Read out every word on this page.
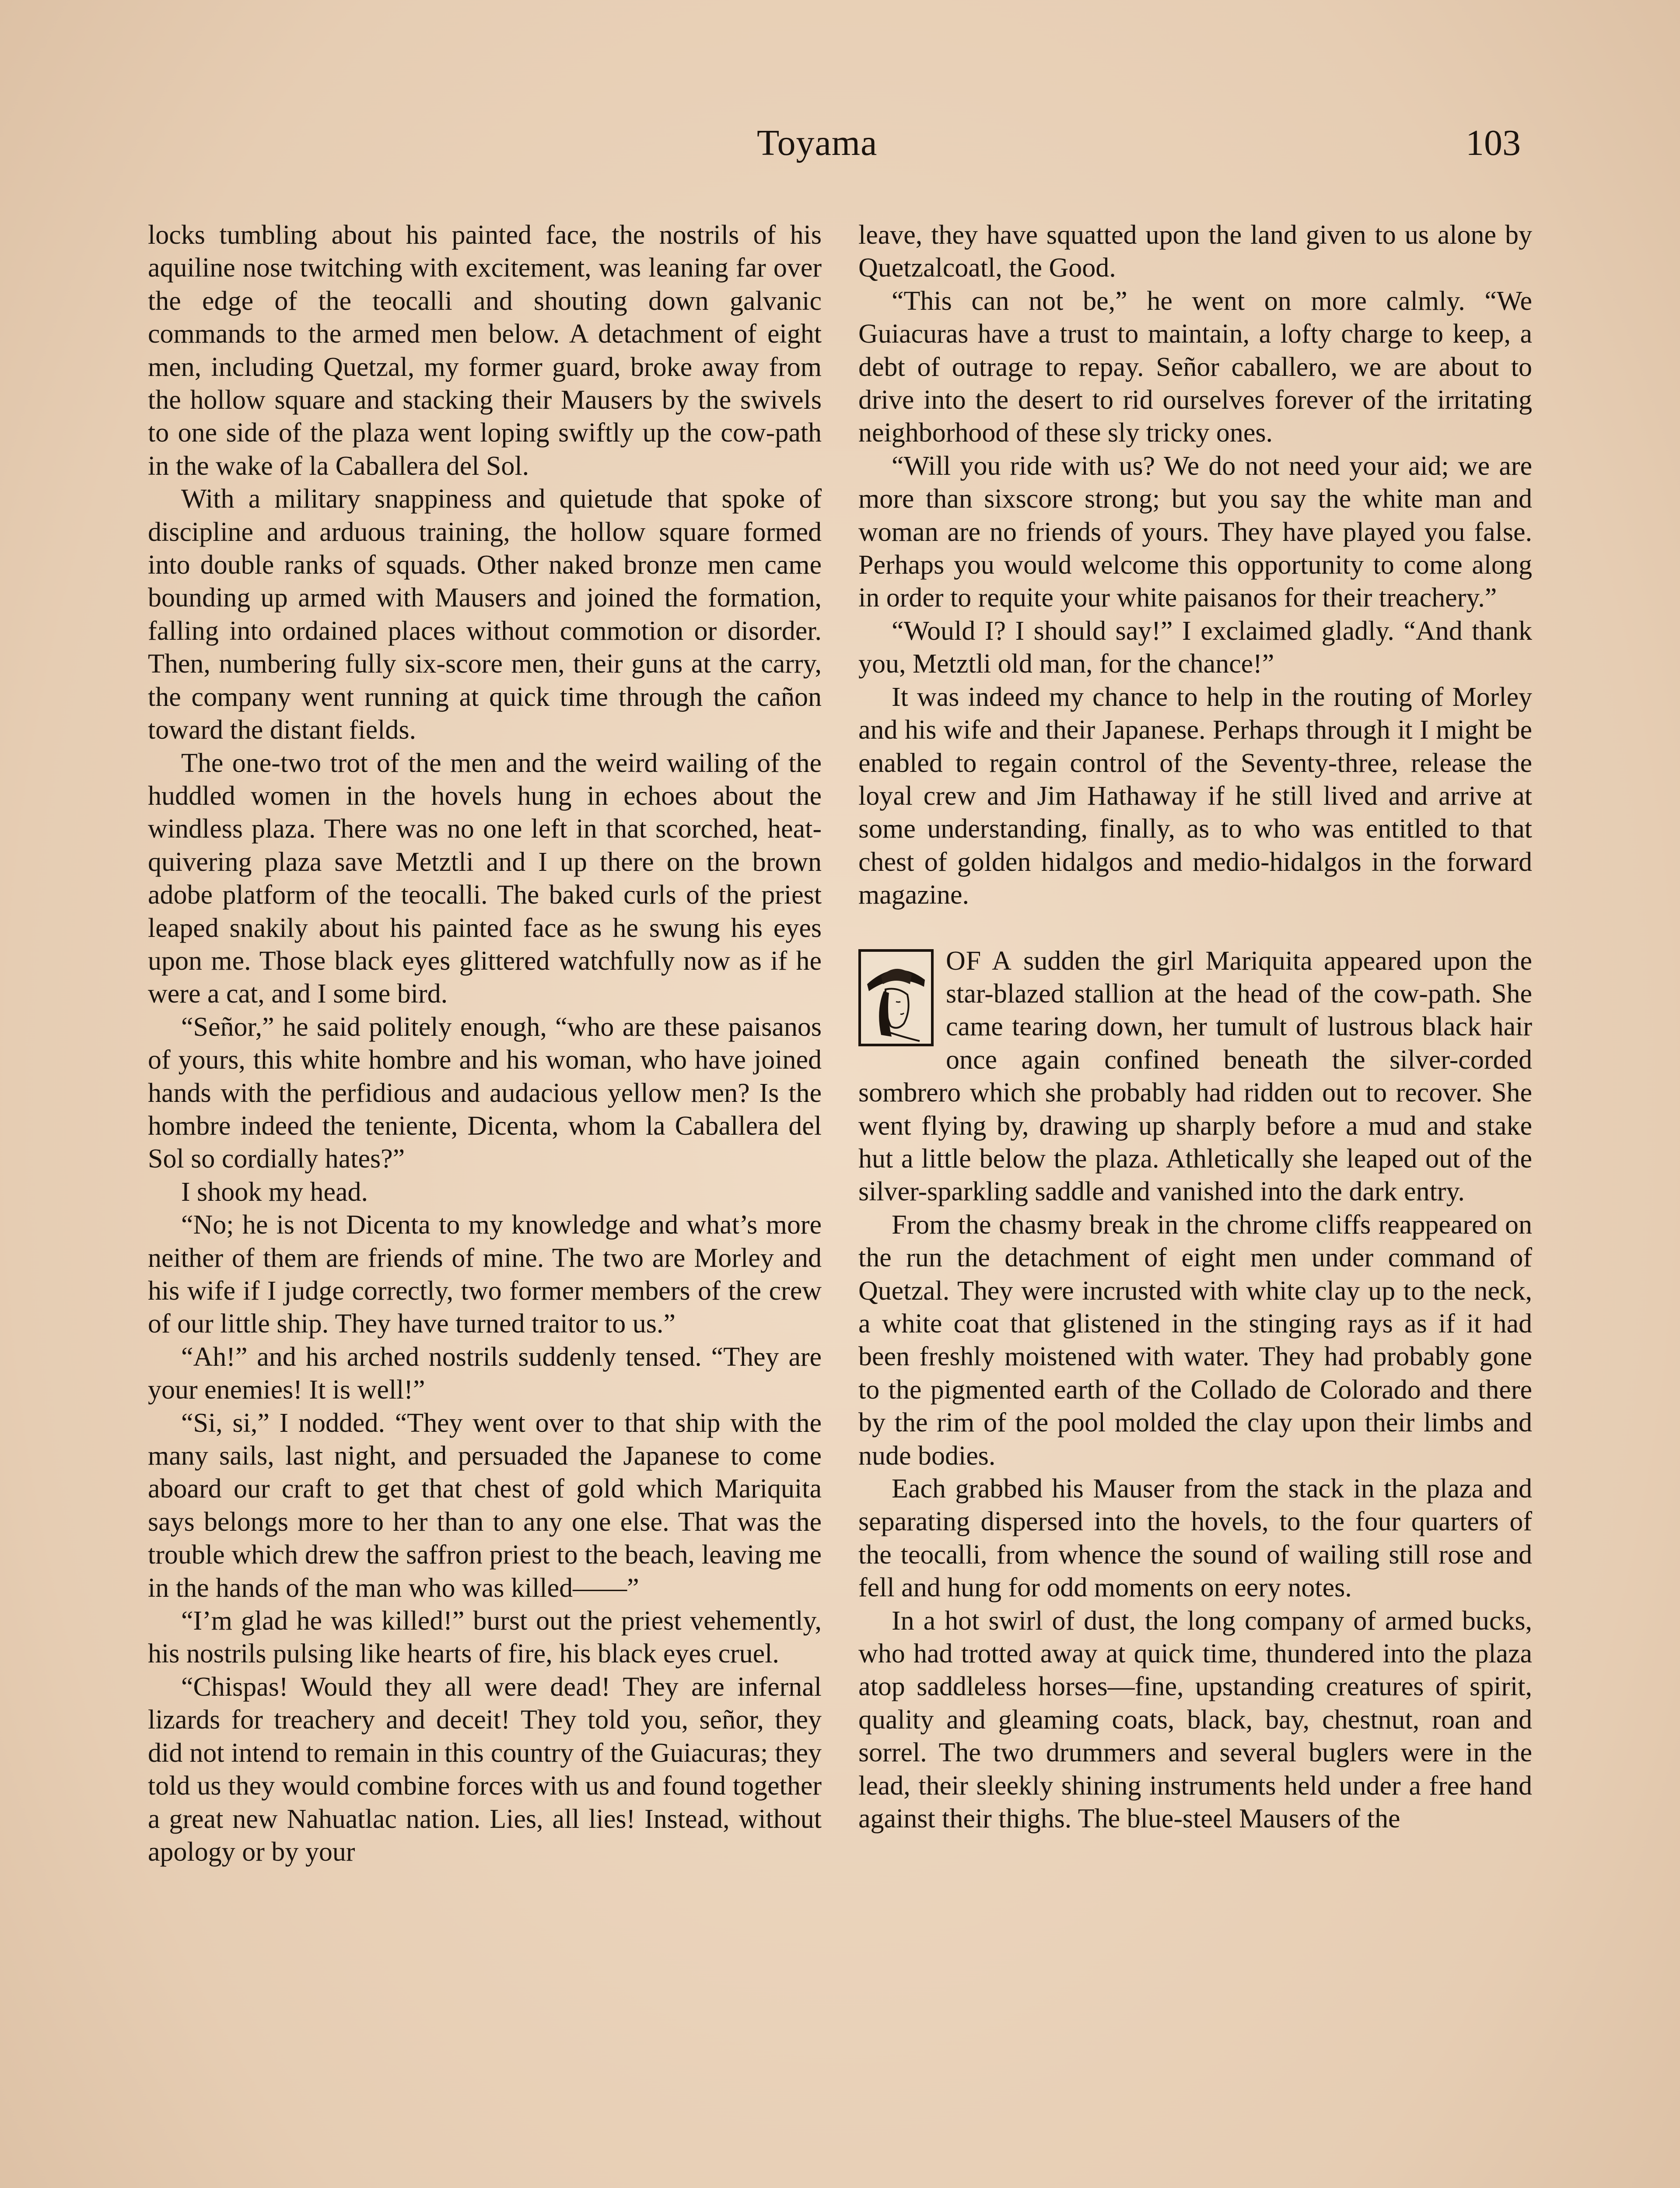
Toyama	103

locks tumbling about his painted face, the nostrils of his aquiline nose twitching with excitement, was leaning far over the edge of the teocalli and shouting down galvanic commands to the armed men below. A detachment of eight men, including Quetzal, my former guard, broke away from the hollow square and stacking their Mausers by the swivels to one side of the plaza went loping swiftly up the cow-path in the wake of la Caballera del Sol.

With a military snappiness and quietude that spoke of discipline and arduous training, the hollow square formed into double ranks of squads. Other naked bronze men came bounding up armed with Mausers and joined the formation, falling into ordained places without commotion or disorder. Then, numbering fully six-score men, their guns at the carry, the company went running at quick time through the cañon toward the distant fields.

The one-two trot of the men and the weird wailing of the huddled women in the hovels hung in echoes about the windless plaza. There was no one left in that scorched, heat-quivering plaza save Metztli and I up there on the brown adobe platform of the teocalli. The baked curls of the priest leaped snakily about his painted face as he swung his eyes upon me. Those black eyes glittered watchfully now as if he were a cat, and I some bird.

“Señor,” he said politely enough, “who are these paisanos of yours, this white hombre and his woman, who have joined hands with the perfidious and audacious yellow men? Is the hombre indeed the teniente, Dicenta, whom la Caballera del Sol so cordially hates?”

I shook my head.

“No; he is not Dicenta to my knowledge and what’s more neither of them are friends of mine. The two are Morley and his wife if I judge correctly, two former members of the crew of our little ship. They have turned traitor to us.”

“Ah!” and his arched nostrils suddenly tensed. “They are your enemies! It is well!”

“Si, si,” I nodded. “They went over to that ship with the many sails, last night, and persuaded the Japanese to come aboard our craft to get that chest of gold which Mariquita says belongs more to her than to any one else. That was the trouble which drew the saffron priest to the beach, leaving me in the hands of the man who was killed——”

“I’m glad he was killed!” burst out the priest vehemently, his nostrils pulsing like hearts of fire, his black eyes cruel.

“Chispas! Would they all were dead! They are infernal lizards for treachery and deceit! They told you, señor, they did not intend to remain in this country of the Guiacuras; they told us they would combine forces with us and found together a great new Nahuatlac nation. Lies, all lies! Instead, without apology or by your

leave, they have squatted upon the land given to us alone by Quetzalcoatl, the Good.

“This can not be,” he went on more calmly. “We Guiacuras have a trust to maintain, a lofty charge to keep, a debt of outrage to repay. Señor caballero, we are about to drive into the desert to rid ourselves forever of the irritating neighborhood of these sly tricky ones.

“Will you ride with us? We do not need your aid; we are more than sixscore strong; but you say the white man and woman are no friends of yours. They have played you false. Perhaps you would welcome this opportunity to come along in order to requite your white paisanos for their treachery.”

“Would I? I should say!” I exclaimed gladly. “And thank you, Metztli old man, for the chance!”

It was indeed my chance to help in the routing of Morley and his wife and their Japanese. Perhaps through it I might be enabled to regain control of the Seventy-three, release the loyal crew and Jim Hathaway if he still lived and arrive at some understanding, finally, as to who was entitled to that chest of golden hidalgos and medio-hidalgos in the forward magazine.

OF A sudden the girl Mariquita appeared upon the star-blazed stallion at the head of the cow-path. She came tearing down, her tumult of lustrous black hair once again confined beneath the silver-corded sombrero which she probably had ridden out to recover. She went flying by, drawing up sharply before a mud and stake hut a little below the plaza. Athletically she leaped out of the silver-sparkling saddle and vanished into the dark entry.

From the chasmy break in the chrome cliffs reappeared on the run the detachment of eight men under command of Quetzal. They were incrusted with white clay up to the neck, a white coat that glistened in the stinging rays as if it had been freshly moistened with water. They had probably gone to the pigmented earth of the Collado de Colorado and there by the rim of the pool molded the clay upon their limbs and nude bodies.

Each grabbed his Mauser from the stack in the plaza and separating dispersed into the hovels, to the four quarters of the teocalli, from whence the sound of wailing still rose and fell and hung for odd moments on eery notes.

In a hot swirl of dust, the long company of armed bucks, who had trotted away at quick time, thundered into the plaza atop saddleless horses—fine, upstanding creatures of spirit, quality and gleaming coats, black, bay, chestnut, roan and sorrel. The two drummers and several buglers were in the lead, their sleekly shining instruments held under a free hand against their thighs. The blue-steel Mausers of the
